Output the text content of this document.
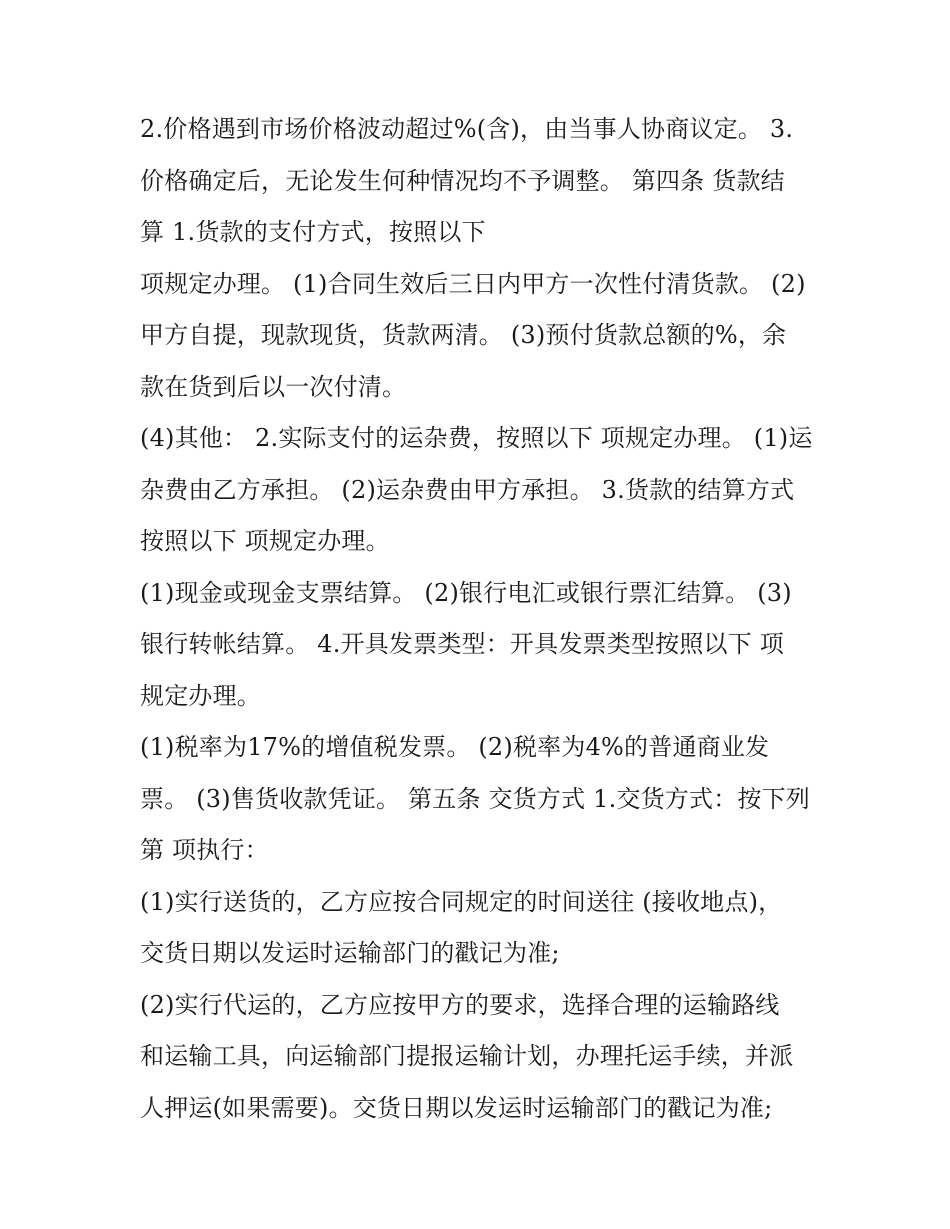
2.价格遇到市场价格波动超过%(含)，由当事人协商议定。 3.
价格确定后，无论发生何种情况均不予调整。 第四条 货款结
算 1.货款的支付方式，按照以下
项规定办理。 (1)合同生效后三日内甲方一次性付清货款。 (2)
甲方自提，现款现货，货款两清。 (3)预付货款总额的%，余
款在货到后以一次付清。
(4)其他： 2.实际支付的运杂费，按照以下 项规定办理。 (1)运
杂费由乙方承担。 (2)运杂费由甲方承担。 3.货款的结算方式
按照以下 项规定办理。
(1)现金或现金支票结算。 (2)银行电汇或银行票汇结算。 (3)
银行转帐结算。 4.开具发票类型：开具发票类型按照以下 项
规定办理。
(1)税率为17%的增值税发票。 (2)税率为4%的普通商业发
票。 (3)售货收款凭证。 第五条 交货方式 1.交货方式：按下列
第 项执行：
(1)实行送货的，乙方应按合同规定的时间送往 (接收地点)，
交货日期以发运时运输部门的戳记为准;
(2)实行代运的，乙方应按甲方的要求，选择合理的运输路线
和运输工具，向运输部门提报运输计划，办理托运手续，并派
人押运(如果需要)。交货日期以发运时运输部门的戳记为准;
